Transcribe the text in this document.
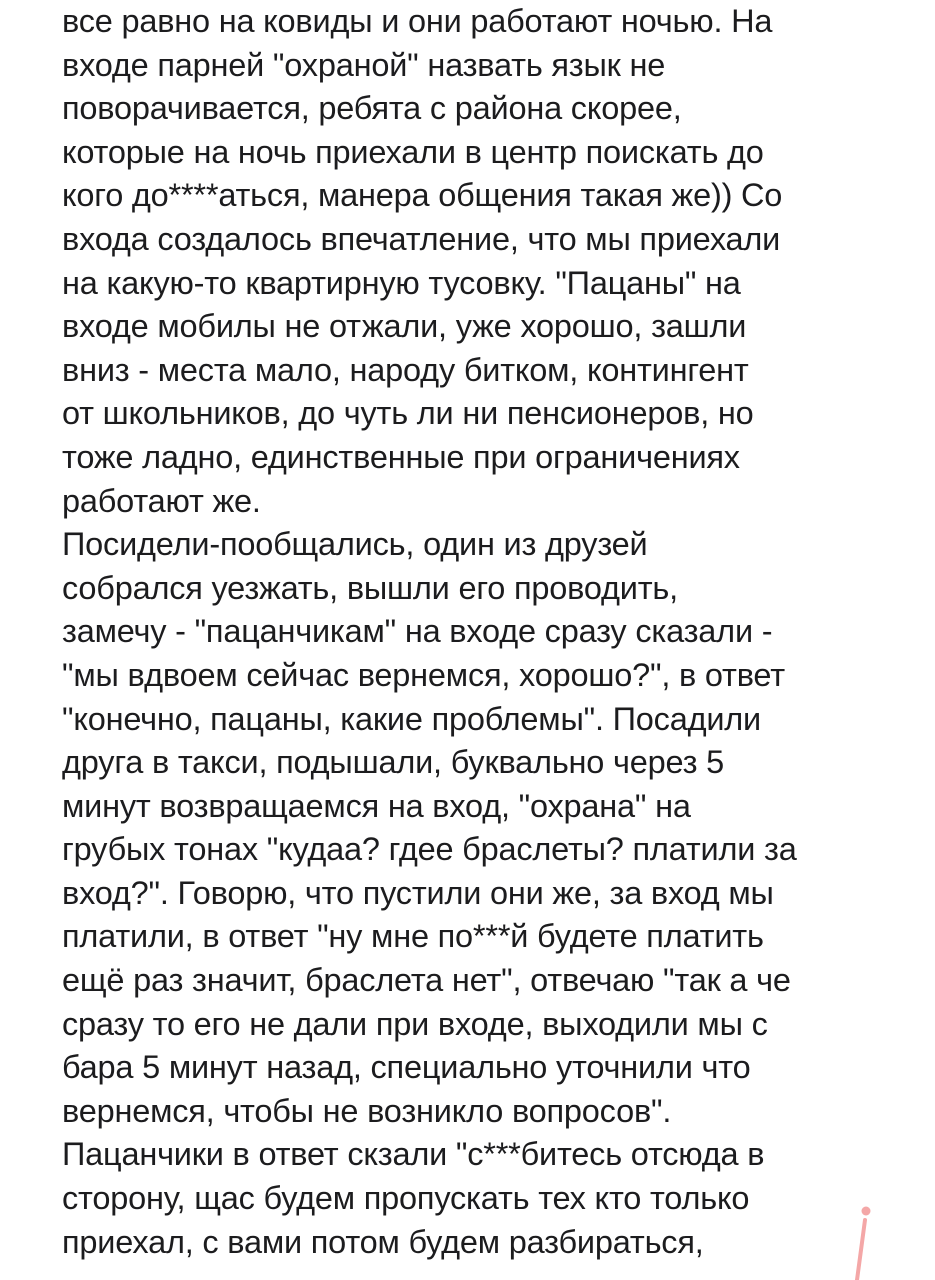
все равно на ковиды и они работают ночью. На
входе парней "охраной" назвать язык не
поворачивается, ребята с района скорее,
которые на ночь приехали в центр поискать до
кого до****аться, манера общения такая же)) Со
входа создалось впечатление, что мы приехали
на какую-то квартирную тусовку. "Пацаны" на
входе мобилы не отжали, уже хорошо, зашли
вниз - места мало, народу битком, контингент
от школьников, до чуть ли ни пенсионеров, но
тоже ладно, единственные при ограничениях
работают же.
Посидели-пообщались, один из друзей
собрался уезжать, вышли его проводить,
замечу - "пацанчикам" на входе сразу сказали -
"мы вдвоем сейчас вернемся, хорошо?", в ответ
"конечно, пацаны, какие проблемы". Посадили
друга в такси, подышали, буквально через 5
минут возвращаемся на вход, "охрана" на
грубых тонах "кудаа? гдее браслеты? платили за
вход?". Говорю, что пустили они же, за вход мы
платили, в ответ "ну мне по***й будете платить
ещё раз значит, браслета нет", отвечаю "так а че
сразу то его не дали при входе, выходили мы с
бара 5 минут назад, специально уточнили что
вернемся, чтобы не возникло вопросов".
Пацанчики в ответ скзали "с***битесь отсюда в
сторону, щас будем пропускать тех кто только
приехал, с вами потом будем разбираться,
